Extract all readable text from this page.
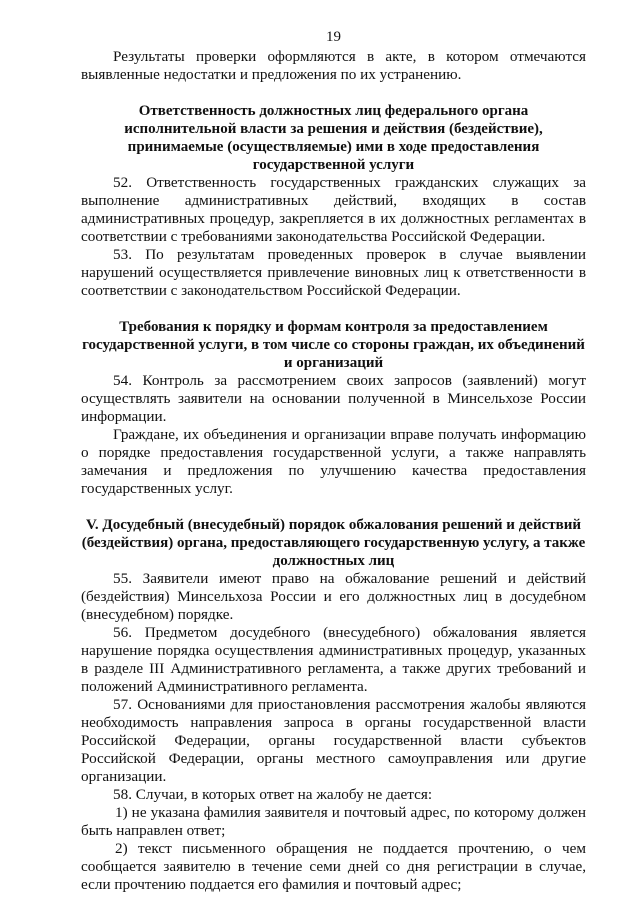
19

Результаты проверки оформляются в акте, в котором отмечаются выявленные недостатки и предложения по их устранению.

Ответственность должностных лиц федерального органа исполнительной власти за решения и действия (бездействие), принимаемые (осуществляемые) ими в ходе предоставления государственной услуги

52. Ответственность государственных гражданских служащих за выполнение административных действий, входящих в состав административных процедур, закрепляется в их должностных регламентах в соответствии с требованиями законодательства Российской Федерации.

53. По результатам проведенных проверок в случае выявлении нарушений осуществляется привлечение виновных лиц к ответственности в соответствии с законодательством Российской Федерации.

Требования к порядку и формам контроля за предоставлением государственной услуги, в том числе со стороны граждан, их объединений и организаций

54. Контроль за рассмотрением своих запросов (заявлений) могут осуществлять заявители на основании полученной в Минсельхозе России информации.

Граждане, их объединения и организации вправе получать информацию о порядке предоставления государственной услуги, а также направлять замечания и предложения по улучшению качества предоставления государственных услуг.

V. Досудебный (внесудебный) порядок обжалования решений и действий (бездействия) органа, предоставляющего государственную услугу, а также должностных лиц

55. Заявители имеют право на обжалование решений и действий (бездействия) Минсельхоза России и его должностных лиц в досудебном (внесудебном) порядке.

56. Предметом досудебного (внесудебного) обжалования является нарушение порядка осуществления административных процедур, указанных в разделе III Административного регламента, а также других требований и положений Административного регламента.

57. Основаниями для приостановления рассмотрения жалобы являются необходимость направления запроса в органы государственной власти Российской Федерации, органы государственной власти субъектов Российской Федерации, органы местного самоуправления или другие организации.

58. Случаи, в которых ответ на жалобу не дается:

1) не указана фамилия заявителя и почтовый адрес, по которому должен быть направлен ответ;

2) текст письменного обращения не поддается прочтению, о чем сообщается заявителю в течение семи дней со дня регистрации в случае, если прочтению поддается его фамилия и почтовый адрес;
